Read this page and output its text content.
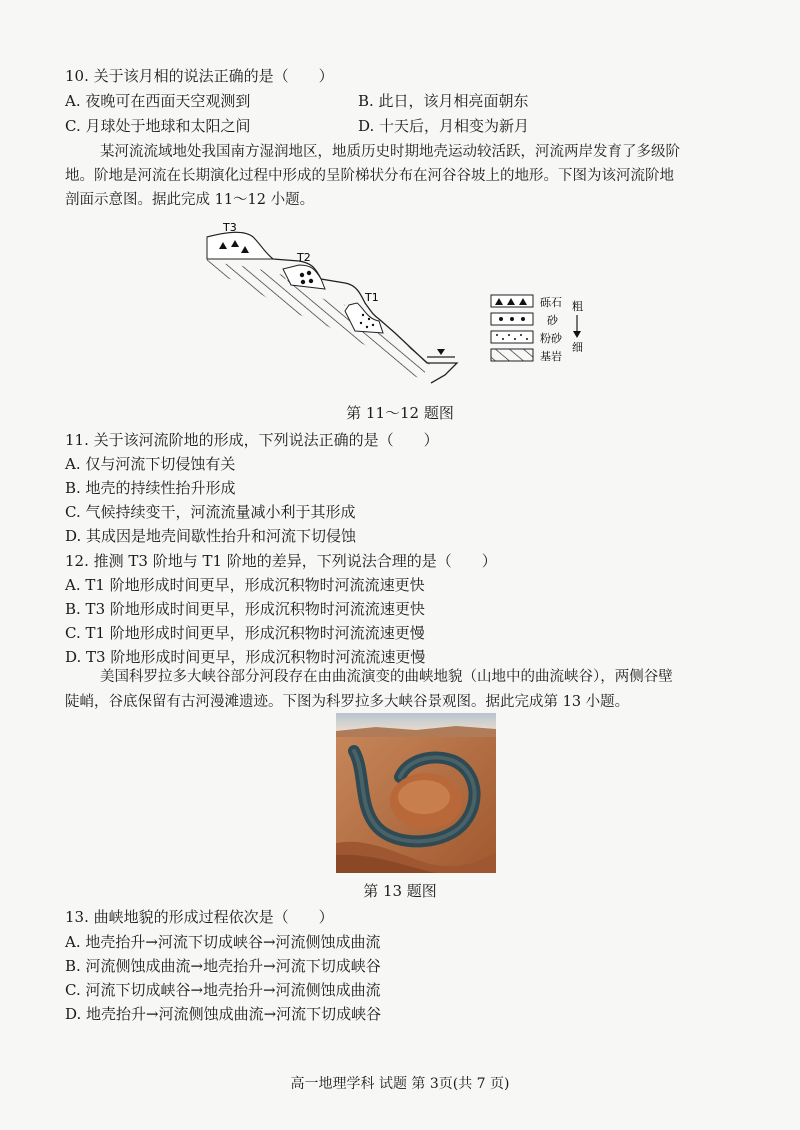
10. 关于该月相的说法正确的是（　　）
A. 夜晚可在西面天空观测到	B. 此日，该月相亮面朝东
C. 月球处于地球和太阳之间	D. 十天后，月相变为新月
某河流流域地处我国南方湿润地区，地质历史时期地壳运动较活跃，河流两岸发育了多级阶
地。阶地是河流在长期演化过程中形成的呈阶梯状分布在河谷谷坡上的地形。下图为该河流阶地
剖面示意图。据此完成 11～12 小题。
T3
T2
T1	砾石
砂
粉砂
基岩
粗
细
第 11～12 题图
11. 关于该河流阶地的形成，下列说法正确的是（　　）
A. 仅与河流下切侵蚀有关
B. 地壳的持续性抬升形成
C. 气候持续变干，河流流量减小利于其形成
D. 其成因是地壳间歇性抬升和河流下切侵蚀
12. 推测 T3 阶地与 T1 阶地的差异，下列说法合理的是（　　）
A. T1 阶地形成时间更早，形成沉积物时河流流速更快
B. T3 阶地形成时间更早，形成沉积物时河流流速更快
C. T1 阶地形成时间更早，形成沉积物时河流流速更慢
D. T3 阶地形成时间更早，形成沉积物时河流流速更慢
美国科罗拉多大峡谷部分河段存在由曲流演变的曲峡地貌（山地中的曲流峡谷），两侧谷壁
陡峭，谷底保留有古河漫滩遗迹。下图为科罗拉多大峡谷景观图。据此完成第 13 小题。
第 13 题图
13. 曲峡地貌的形成过程依次是（　　）
A. 地壳抬升→河流下切成峡谷→河流侧蚀成曲流
B. 河流侧蚀成曲流→地壳抬升→河流下切成峡谷
C. 河流下切成峡谷→地壳抬升→河流侧蚀成曲流
D. 地壳抬升→河流侧蚀成曲流→河流下切成峡谷
高一地理学科 试题 第 3页(共 7 页)
